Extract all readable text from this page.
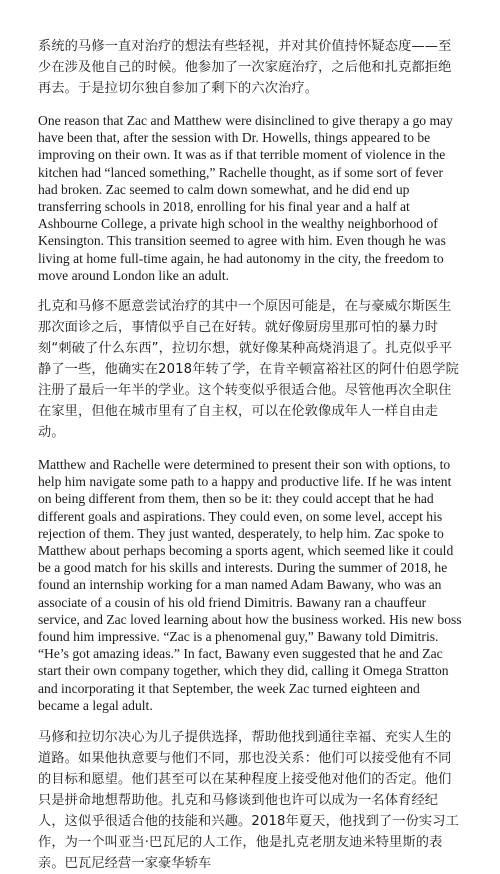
系统的马修一直对治疗的想法有些轻视，并对其价值持怀疑态度——至少在涉及他自己的时候。他参加了一次家庭治疗，之后他和扎克都拒绝再去。于是拉切尔独自参加了剩下的六次治疗。

One reason that Zac and Matthew were disinclined to give therapy a go may have been that, after the session with Dr. Howells, things appeared to be improving on their own. It was as if that terrible moment of violence in the kitchen had “lanced something,” Rachelle thought, as if some sort of fever had broken. Zac seemed to calm down somewhat, and he did end up transferring schools in 2018, enrolling for his final year and a half at Ashbourne College, a private high school in the wealthy neighborhood of Kensington. This transition seemed to agree with him. Even though he was living at home full-time again, he had autonomy in the city, the freedom to move around London like an adult.

扎克和马修不愿意尝试治疗的其中一个原因可能是，在与豪威尔斯医生那次面诊之后，事情似乎自己在好转。就好像厨房里那可怕的暴力时刻“刺破了什么东西”，拉切尔想，就好像某种高烧消退了。扎克似乎平静了一些，他确实在2018年转了学，在肯辛顿富裕社区的阿什伯恩学院注册了最后一年半的学业。这个转变似乎很适合他。尽管他再次全职住在家里，但他在城市里有了自主权，可以在伦敦像成年人一样自由走动。

Matthew and Rachelle were determined to present their son with options, to help him navigate some path to a happy and productive life. If he was intent on being different from them, then so be it: they could accept that he had different goals and aspirations. They could even, on some level, accept his rejection of them. They just wanted, desperately, to help him. Zac spoke to Matthew about perhaps becoming a sports agent, which seemed like it could be a good match for his skills and interests. During the summer of 2018, he found an internship working for a man named Adam Bawany, who was an associate of a cousin of his old friend Dimitris. Bawany ran a chauffeur service, and Zac loved learning about how the business worked. His new boss found him impressive. “Zac is a phenomenal guy,” Bawany told Dimitris. “He’s got amazing ideas.” In fact, Bawany even suggested that he and Zac start their own company together, which they did, calling it Omega Stratton and incorporating it that September, the week Zac turned eighteen and became a legal adult.

马修和拉切尔决心为儿子提供选择，帮助他找到通往幸福、充实人生的道路。如果他执意要与他们不同，那也没关系：他们可以接受他有不同的目标和愿望。他们甚至可以在某种程度上接受他对他们的否定。他们只是拼命地想帮助他。扎克和马修谈到他也许可以成为一名体育经纪人，这似乎很适合他的技能和兴趣。2018年夏天，他找到了一份实习工作，为一个叫亚当·巴瓦尼的人工作，他是扎克老朋友迪米特里斯的表亲。巴瓦尼经营一家豪华轿车
